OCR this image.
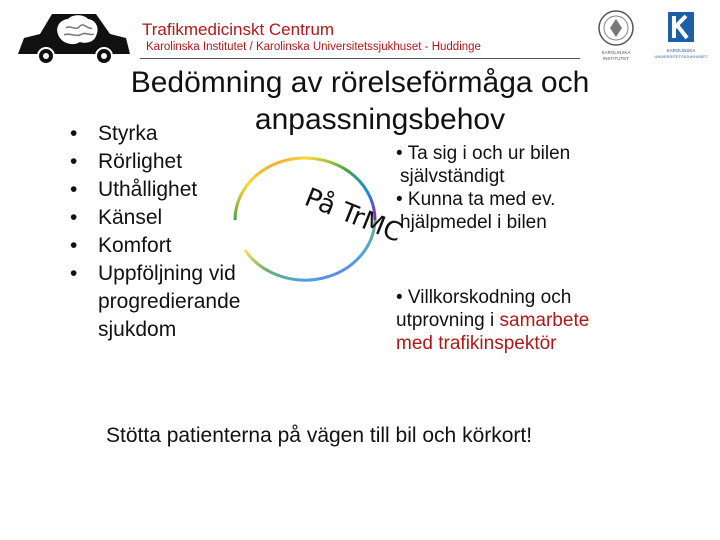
KAROLINSKA
INSTITUTET
KAROLINSKA
UNIVERSITETSSJUKHUSET
Trafikmedicinskt Centrum
Karolinska Institutet / Karolinska Universitetssjukhuset - Huddinge
Bedömning av rörelseförmåga och
anpassningsbehov
• Styrka
• Rörlighet
• Uthållighet
• Känsel
• Komfort
• Uppföljning vid
progredierande
sjukdom
På TrMC
• Ta sig i och ur bilen
självständigt
• Kunna ta med ev.
hjälpmedel i bilen
• Villkorskodning och
utprovning i samarbete
med trafikinspektör
Stötta patienterna på vägen till bil och körkort!
